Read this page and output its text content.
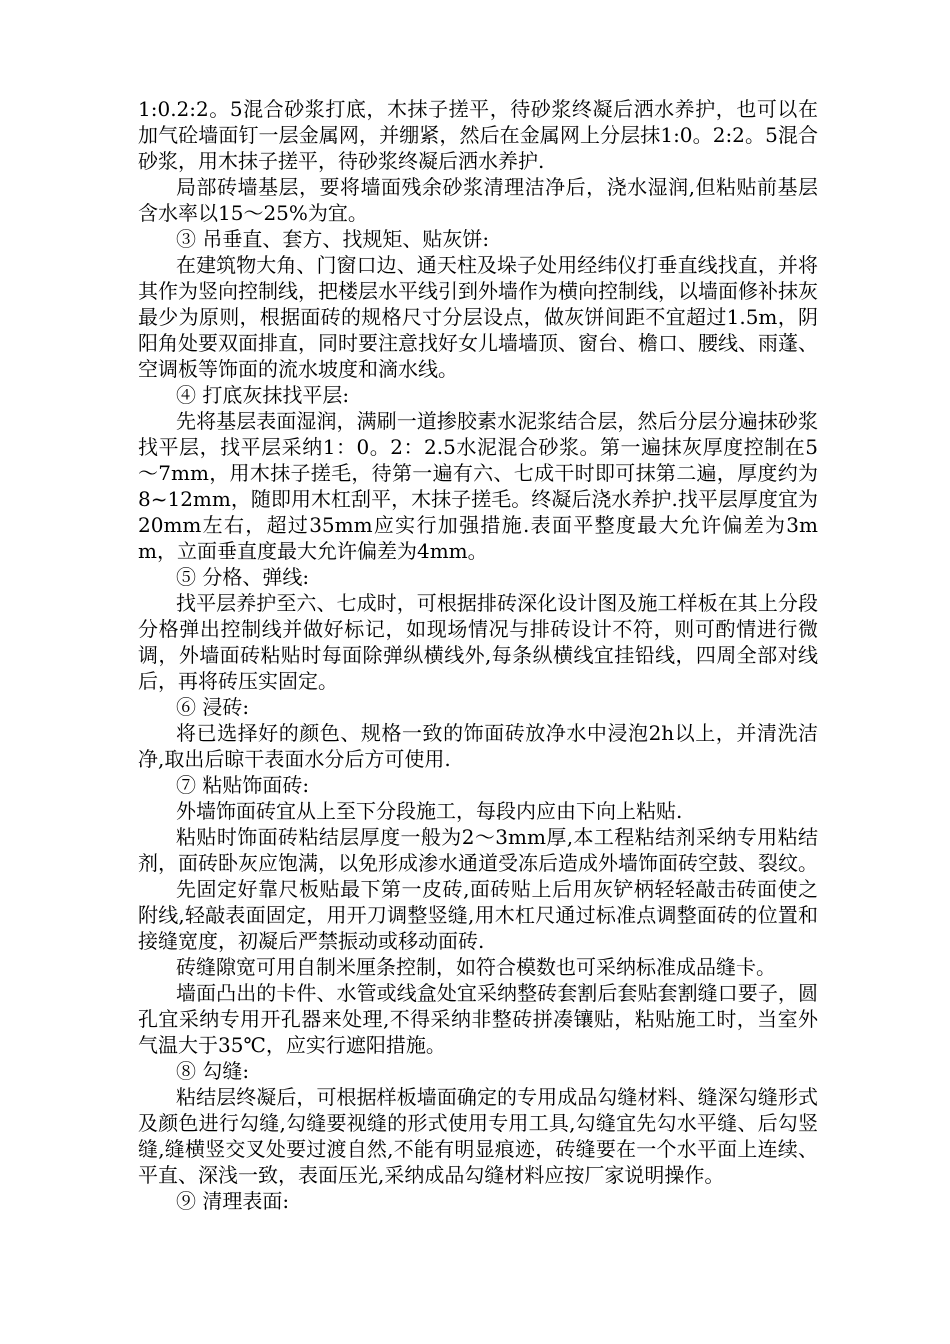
1:0.2:2。5混合砂浆打底，木抹子搓平，待砂浆终凝后洒水养护，也可以在加气砼墙面钉一层金属网，并绷紧，然后在金属网上分层抹1:0。2:2。5混合砂浆，用木抹子搓平，待砂浆终凝后洒水养护.

局部砖墙基层，要将墙面残余砂浆清理洁净后，浇水湿润,但粘贴前基层含水率以15～25%为宜。

③ 吊垂直、套方、找规矩、贴灰饼:

在建筑物大角、门窗口边、通天柱及垛子处用经纬仪打垂直线找直，并将其作为竖向控制线，把楼层水平线引到外墙作为横向控制线，以墙面修补抹灰最少为原则，根据面砖的规格尺寸分层设点，做灰饼间距不宜超过1.5m，阴阳角处要双面排直，同时要注意找好女儿墙墙顶、窗台、檐口、腰线、雨蓬、空调板等饰面的流水坡度和滴水线。

④ 打底灰抹找平层:

先将基层表面湿润，满刷一道掺胶素水泥浆结合层，然后分层分遍抹砂浆找平层，找平层采纳1：0。2：2.5水泥混合砂浆。第一遍抹灰厚度控制在5～7mm，用木抹子搓毛，待第一遍有六、七成干时即可抹第二遍，厚度约为8~12mm，随即用木杠刮平，木抹子搓毛。终凝后浇水养护.找平层厚度宜为20mm左右，超过35mm应实行加强措施.表面平整度最大允许偏差为3mm，立面垂直度最大允许偏差为4mm。

⑤ 分格、弹线:

找平层养护至六、七成时，可根据排砖深化设计图及施工样板在其上分段分格弹出控制线并做好标记，如现场情况与排砖设计不符，则可酌情进行微调，外墙面砖粘贴时每面除弹纵横线外,每条纵横线宜挂铅线，四周全部对线后，再将砖压实固定。

⑥ 浸砖:

将已选择好的颜色、规格一致的饰面砖放净水中浸泡2h以上，并清洗洁净,取出后晾干表面水分后方可使用.

⑦ 粘贴饰面砖:

外墙饰面砖宜从上至下分段施工，每段内应由下向上粘贴.

粘贴时饰面砖粘结层厚度一般为2～3mm厚,本工程粘结剂采纳专用粘结剂，面砖卧灰应饱满，以免形成渗水通道受冻后造成外墙饰面砖空鼓、裂纹。

先固定好靠尺板贴最下第一皮砖,面砖贴上后用灰铲柄轻轻敲击砖面使之附线,轻敲表面固定，用开刀调整竖缝,用木杠尺通过标准点调整面砖的位置和接缝宽度，初凝后严禁振动或移动面砖.

砖缝隙宽可用自制米厘条控制，如符合模数也可采纳标准成品缝卡。

墙面凸出的卡件、水管或线盒处宜采纳整砖套割后套贴套割缝口要子，圆孔宜采纳专用开孔器来处理,不得采纳非整砖拼凑镶贴，粘贴施工时，当室外气温大于35℃，应实行遮阳措施。

⑧ 勾缝:

粘结层终凝后，可根据样板墙面确定的专用成品勾缝材料、缝深勾缝形式及颜色进行勾缝,勾缝要视缝的形式使用专用工具,勾缝宜先勾水平缝、后勾竖缝,缝横竖交叉处要过渡自然,不能有明显痕迹，砖缝要在一个水平面上连续、平直、深浅一致，表面压光,采纳成品勾缝材料应按厂家说明操作。

⑨ 清理表面:
